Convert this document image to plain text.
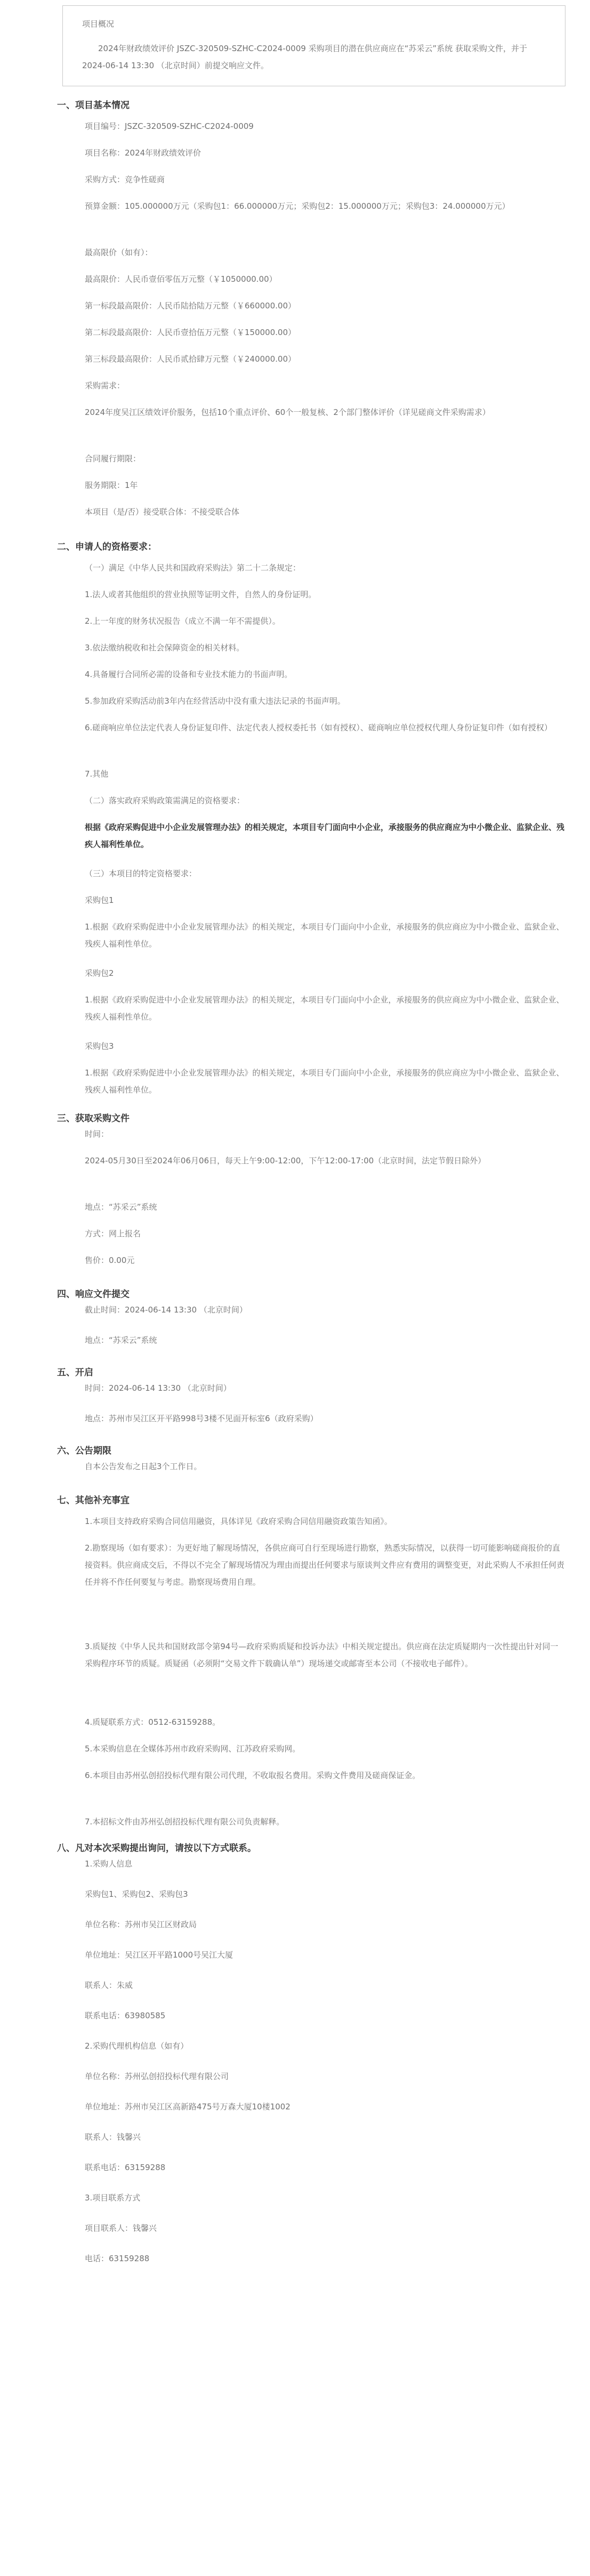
项目概况
2024年财政绩效评价 JSZC-320509-SZHC-C2024-0009 采购项目的潜在供应商应在“苏采云”系统 获取采购文件，并于2024-06-14 13:30 （北京时间）前提交响应文件。
一、项目基本情况

项目编号：JSZC-320509-SZHC-C2024-0009

项目名称：2024年财政绩效评价

采购方式：竞争性磋商

预算金额：105.000000万元（采购包1：66.000000万元；采购包2：15.000000万元；采购包3：24.000000万元）

最高限价（如有）：

最高限价：人民币壹佰零伍万元整（￥1050000.00）

第一标段最高限价：人民币陆拾陆万元整（￥660000.00）

第二标段最高限价：人民币壹拾伍万元整（￥150000.00）

第三标段最高限价：人民币贰拾肆万元整（￥240000.00）

采购需求：

2024年度吴江区绩效评价服务，包括10个重点评价、60个一般复核、2个部门整体评价（详见磋商文件采购需求）

合同履行期限：

服务期限：1年

本项目（是/否）接受联合体：不接受联合体

二、申请人的资格要求：

（一）满足《中华人民共和国政府采购法》第二十二条规定：

1.法人或者其他组织的营业执照等证明文件，自然人的身份证明。

2.上一年度的财务状况报告（成立不满一年不需提供）。

3.依法缴纳税收和社会保障资金的相关材料。

4.具备履行合同所必需的设备和专业技术能力的书面声明。

5.参加政府采购活动前3年内在经营活动中没有重大违法记录的书面声明。

6.磋商响应单位法定代表人身份证复印件、法定代表人授权委托书（如有授权）、磋商响应单位授权代理人身份证复印件（如有授权）

7.其他

（二）落实政府采购政策需满足的资格要求：

根据《政府采购促进中小企业发展管理办法》的相关规定，本项目专门面向中小企业，承接服务的供应商应为中小微企业、监狱企业、残疾人福利性单位。

（三）本项目的特定资格要求：

采购包1

1.根据《政府采购促进中小企业发展管理办法》的相关规定，本项目专门面向中小企业，承接服务的供应商应为中小微企业、监狱企业、残疾人福利性单位。

采购包2

1.根据《政府采购促进中小企业发展管理办法》的相关规定，本项目专门面向中小企业，承接服务的供应商应为中小微企业、监狱企业、残疾人福利性单位。

采购包3

1.根据《政府采购促进中小企业发展管理办法》的相关规定，本项目专门面向中小企业，承接服务的供应商应为中小微企业、监狱企业、残疾人福利性单位。

三、获取采购文件

时间：

2024-05月30日至2024年06月06日，每天上午9:00-12:00，下午12:00-17:00（北京时间，法定节假日除外）

地点：“苏采云”系统

方式：网上报名

售价：0.00元

四、响应文件提交

截止时间：2024-06-14 13:30 （北京时间）

地点：“苏采云”系统

五、开启

时间：2024-06-14 13:30 （北京时间）

地点：苏州市吴江区开平路998号3楼不见面开标室6（政府采购）

六、公告期限

自本公告发布之日起3个工作日。

七、其他补充事宜

1.本项目支持政府采购合同信用融资，具体详见《政府采购合同信用融资政策告知函》。

2.勘察现场（如有要求）：为更好地了解现场情况，各供应商可自行至现场进行勘察，熟悉实际情况，以获得一切可能影响磋商报价的直接资料。供应商成交后，不得以不完全了解现场情况为理由而提出任何要求与原谈判文件应有费用的调整变更，对此采购人不承担任何责任并将不作任何要复与考虑。勘察现场费用自理。

3.质疑按《中华人民共和国财政部令第94号—政府采购质疑和投诉办法》中相关规定提出。供应商在法定质疑期内一次性提出针对同一采购程序环节的质疑。质疑函（必须附“交易文件下载确认单”）现场递交或邮寄至本公司（不接收电子邮件）。

4.质疑联系方式：0512-63159288。

5.本采购信息在全媒体苏州市政府采购网、江苏政府采购网。

6.本项目由苏州弘创招投标代理有限公司代理，不收取报名费用。采购文件费用及磋商保证金。

7.本招标文件由苏州弘创招投标代理有限公司负责解释。

八、凡对本次采购提出询问，请按以下方式联系。

1.采购人信息

采购包1、采购包2、采购包3

单位名称：苏州市吴江区财政局

单位地址：吴江区开平路1000号吴江大厦

联系人：朱威

联系电话：63980585

2.采购代理机构信息（如有）

单位名称：苏州弘创招投标代理有限公司

单位地址：苏州市吴江区高新路475号万森大厦10楼1002

联系人：钱馨兴

联系电话：63159288

3.项目联系方式

项目联系人：钱馨兴

电话：63159288
